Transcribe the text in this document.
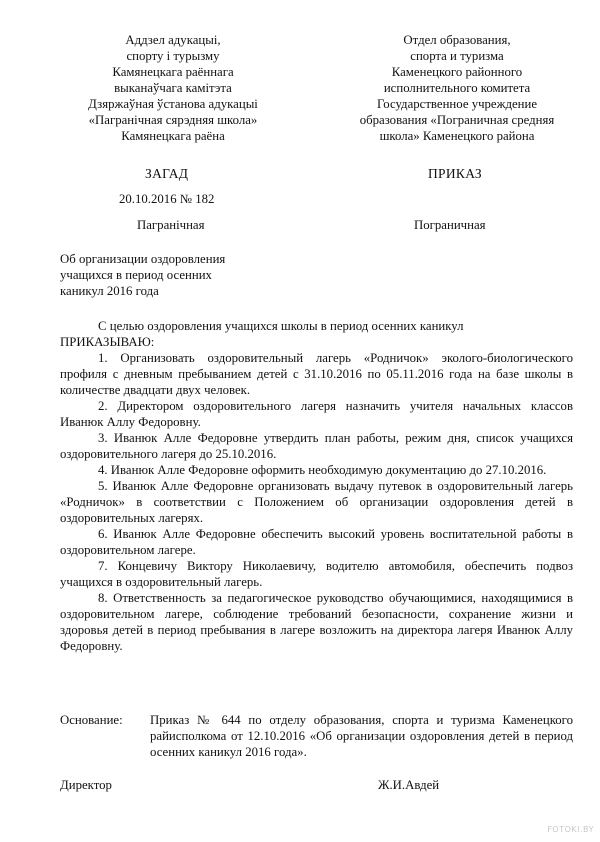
Аддзел адукацыі,
спорту і турызму
Камянецкага раённага
выканаўчага камітэта
Дзяржаўная ўстанова адукацыі
«Пагранічная сярэдняя школа»
Камянецкага раёна
Отдел образования,
спорта и туризма
Каменецкого районного
исполнительного комитета
Государственное учреждение
образования «Пограничная средняя
школа» Каменецкого района
ЗАГАД	ПРИКАЗ
20.10.2016 № 182
Пагранічная	Пограничная
Об организации оздоровления
учащихся в период осенних
каникул 2016 года

С целью оздоровления учащихся школы в период осенних каникул

ПРИКАЗЫВАЮ:

1. Организовать оздоровительный лагерь «Родничок» эколого-биологического профиля с дневным пребыванием детей с 31.10.2016 по 05.11.2016 года на базе школы в количестве двадцати двух человек.

2. Директором оздоровительного лагеря назначить учителя начальных классов Иванюк Аллу Федоровну.

3. Иванюк Алле Федоровне утвердить план работы, режим дня, список учащихся оздоровительного лагеря до 25.10.2016.

4. Иванюк Алле Федоровне оформить необходимую документацию до 27.10.2016.

5. Иванюк Алле Федоровне организовать выдачу путевок в оздоровительный лагерь «Родничок» в соответствии с Положением об организации оздоровления детей в оздоровительных лагерях.

6. Иванюк Алле Федоровне обеспечить высокий уровень воспитательной работы в оздоровительном лагере.

7. Концевичу Виктору Николаевичу, водителю автомобиля, обеспечить подвоз учащихся в оздоровительный лагерь.

8. Ответственность за педагогическое руководство обучающимися, находящимися в оздоровительном лагере, соблюдение требований безопасности, сохранение жизни и здоровья детей в период пребывания в лагере возложить на директора лагеря Иванюк Аллу Федоровну.

Основание: Приказ № 644 по отделу образования, спорта и туризма Каменецкого райисполкома от 12.10.2016 «Об организации оздоровления детей в период осенних каникул 2016 года».
Директор	Ж.И.Авдей
FOTOKI.BY
